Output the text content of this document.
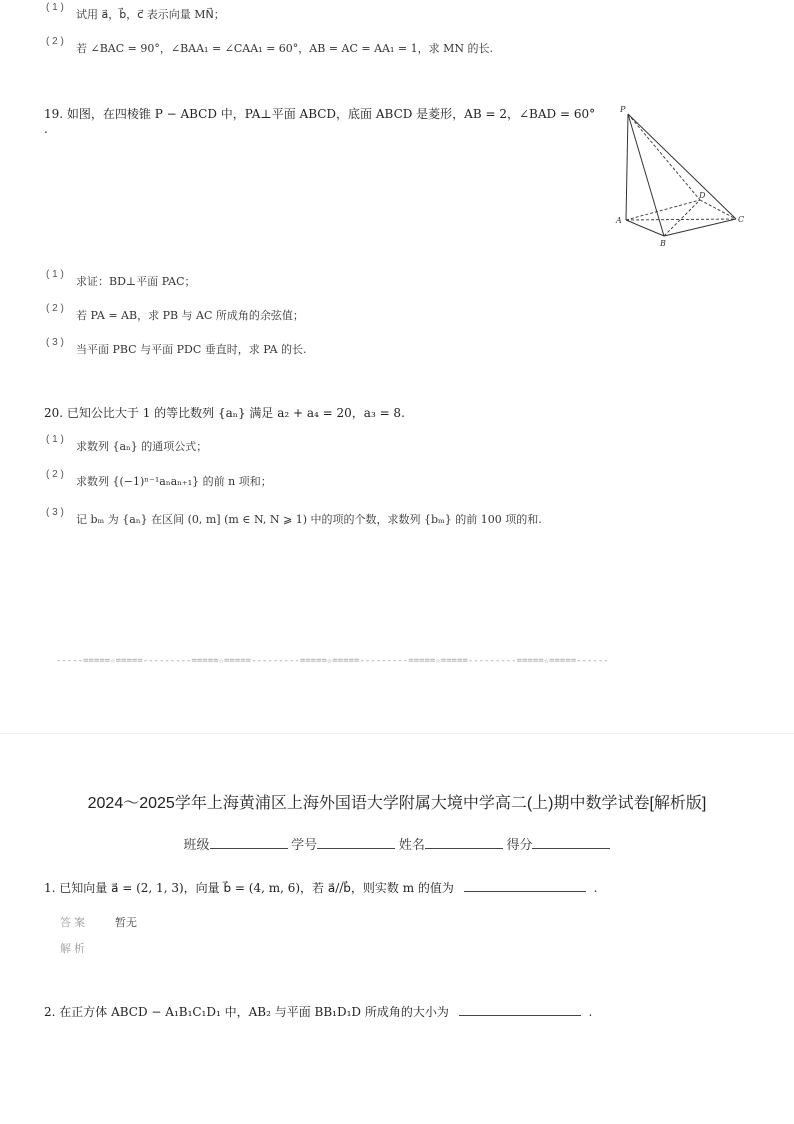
( 1 )
试用 a⃗，b⃗，c⃗ 表示向量 MN⃗；
( 2 )
若 ∠BAC = 90°，∠BAA₁ = ∠CAA₁ = 60°，AB = AC = AA₁ = 1，求 MN 的长.
19. 如图，在四棱锥 P − ABCD 中，PA⊥平面 ABCD，底面 ABCD 是菱形，AB = 2，∠BAD = 60°
.
P
A
B
C
D
( 1 )
求证：BD⊥平面 PAC；
( 2 )
若 PA = AB，求 PB 与 AC 所成角的余弦值；
( 3 )
当平面 PBC 与平面 PDC 垂直时，求 PA 的长.
20. 已知公比大于 1 的等比数列 {aₙ} 满足 a₂ + a₄ = 20，a₃ = 8.
( 1 )
求数列 {aₙ} 的通项公式；
( 2 )
求数列 {(−1)ⁿ⁻¹aₙaₙ₊₁} 的前 n 项和；
( 3 )
记 bₘ 为 {aₙ} 在区间 (0, m] (m ∈ N, N ⩾ 1) 中的项的个数，求数列 {bₘ} 的前 100 项的和.
-----=====☆=====---------=====☆=====---------=====☆=====---------=====☆=====---------=====☆=====------
2024～2025学年上海黄浦区上海外国语大学附属大境中学高二(上)期中数学试卷[解析版]
班级	学号	姓名	得分
1. 已知向量 a⃗ = (2, 1, 3)，向量 b⃗ = (4, m, 6)，若 a⃗//b⃗，则实数 m 的值为	.
答 案	暂无
解 析
2. 在正方体 ABCD − A₁B₁C₁D₁ 中，AB₂ 与平面 BB₁D₁D 所成角的大小为	.
